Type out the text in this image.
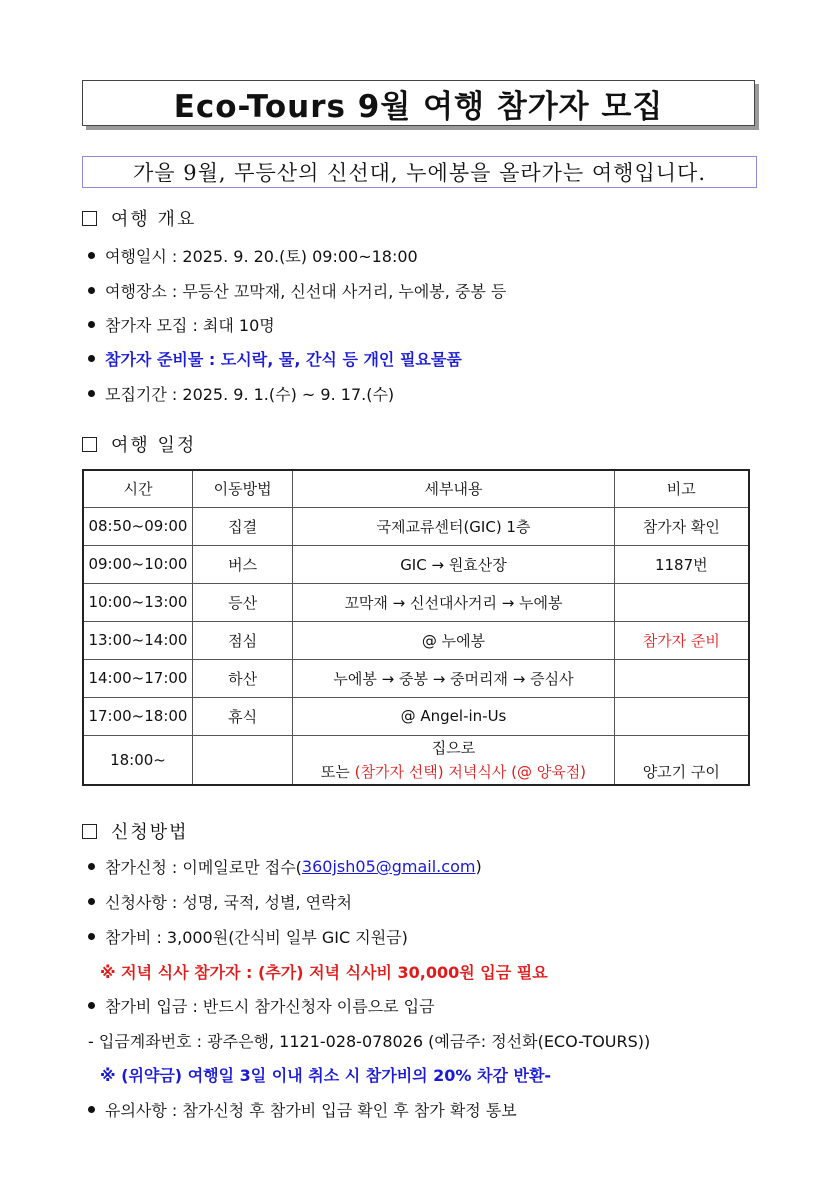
Eco-Tours 9월 여행 참가자 모집
가을 9월, 무등산의 신선대, 누에봉을 올라가는 여행입니다.
여행 개요
여행일시 : 2025. 9. 20.(토) 09:00~18:00
여행장소 : 무등산 꼬막재, 신선대 사거리, 누에봉, 중봉 등
참가자 모집 : 최대 10명
참가자 준비물 : 도시락, 물, 간식 등 개인 필요물품
모집기간 : 2025. 9. 1.(수) ~ 9. 17.(수)
여행 일정
시간	이동방법	세부내용	비고
08:50~09:00	집결	국제교류센터(GIC) 1층	참가자 확인
09:00~10:00	버스	GIC → 원효산장	1187번
10:00~13:00	등산	꼬막재 → 신선대사거리 → 누에봉	
13:00~14:00	점심	@ 누에봉	참가자 준비
14:00~17:00	하산	누에봉 → 중봉 → 중머리재 → 증심사	
17:00~18:00	휴식	@ Angel-in-Us	
18:00~		집으로
또는 (참가자 선택) 저녁식사 (@ 양육점)	양고기 구이
신청방법
참가신청 : 이메일로만 접수( 360jsh05@gmail.com )
신청사항 : 성명, 국적, 성별, 연락처
참가비 : 3,000원(간식비 일부 GIC 지원금)
※ 저녁 식사 참가자 : (추가) 저녁 식사비 30,000원 입금 필요
참가비 입금 : 반드시 참가신청자 이름으로 입금
- 입금계좌번호 : 광주은행, 1121-028-078026 (예금주: 정선화(ECO-TOURS))
※ (위약금) 여행일 3일 이내 취소 시 참가비의 20% 차감 반환-
유의사항 : 참가신청 후 참가비 입금 확인 후 참가 확정 통보
